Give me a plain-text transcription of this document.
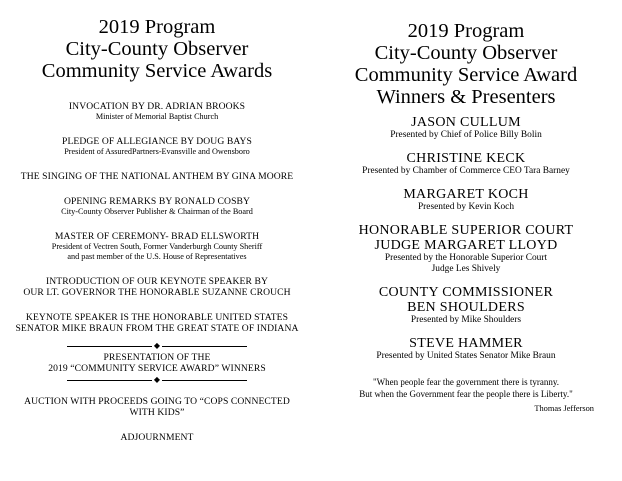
2019 Program
City-County Observer
Community Service Awards
INVOCATION BY DR. ADRIAN BROOKS
Minister of Memorial Baptist Church
PLEDGE OF ALLEGIANCE BY DOUG BAYS
President of AssuredPartners-Evansville and Owensboro
THE SINGING OF THE NATIONAL ANTHEM BY GINA MOORE
OPENING REMARKS BY RONALD COSBY
City-County Observer Publisher & Chairman of the Board
MASTER OF CEREMONY- BRAD ELLSWORTH
President of Vectren South, Former Vanderburgh County Sheriff
and past member of the U.S. House of Representatives
INTRODUCTION OF OUR KEYNOTE SPEAKER BY
OUR LT. GOVERNOR THE HONORABLE SUZANNE CROUCH
KEYNOTE SPEAKER IS THE HONORABLE UNITED STATES
SENATOR MIKE BRAUN FROM THE GREAT STATE OF INDIANA
◆
PRESENTATION OF THE
2019 “COMMUNITY SERVICE AWARD” WINNERS
◆
AUCTION WITH PROCEEDS GOING TO “COPS CONNECTED
WITH KIDS”
ADJOURNMENT
2019 Program
City-County Observer
Community Service Award
Winners & Presenters
JASON CULLUM
Presented by Chief of Police Billy Bolin
CHRISTINE KECK
Presented by Chamber of Commerce CEO Tara Barney
MARGARET KOCH
Presented by Kevin Koch
HONORABLE SUPERIOR COURT
JUDGE MARGARET LLOYD
Presented by the Honorable Superior Court
Judge Les Shively
COUNTY COMMISSIONER
BEN SHOULDERS
Presented by Mike Shoulders
STEVE HAMMER
Presented by United States Senator Mike Braun
"When people fear the government there is tyranny.
But when the Government fear the people there is Liberty."
Thomas Jefferson
